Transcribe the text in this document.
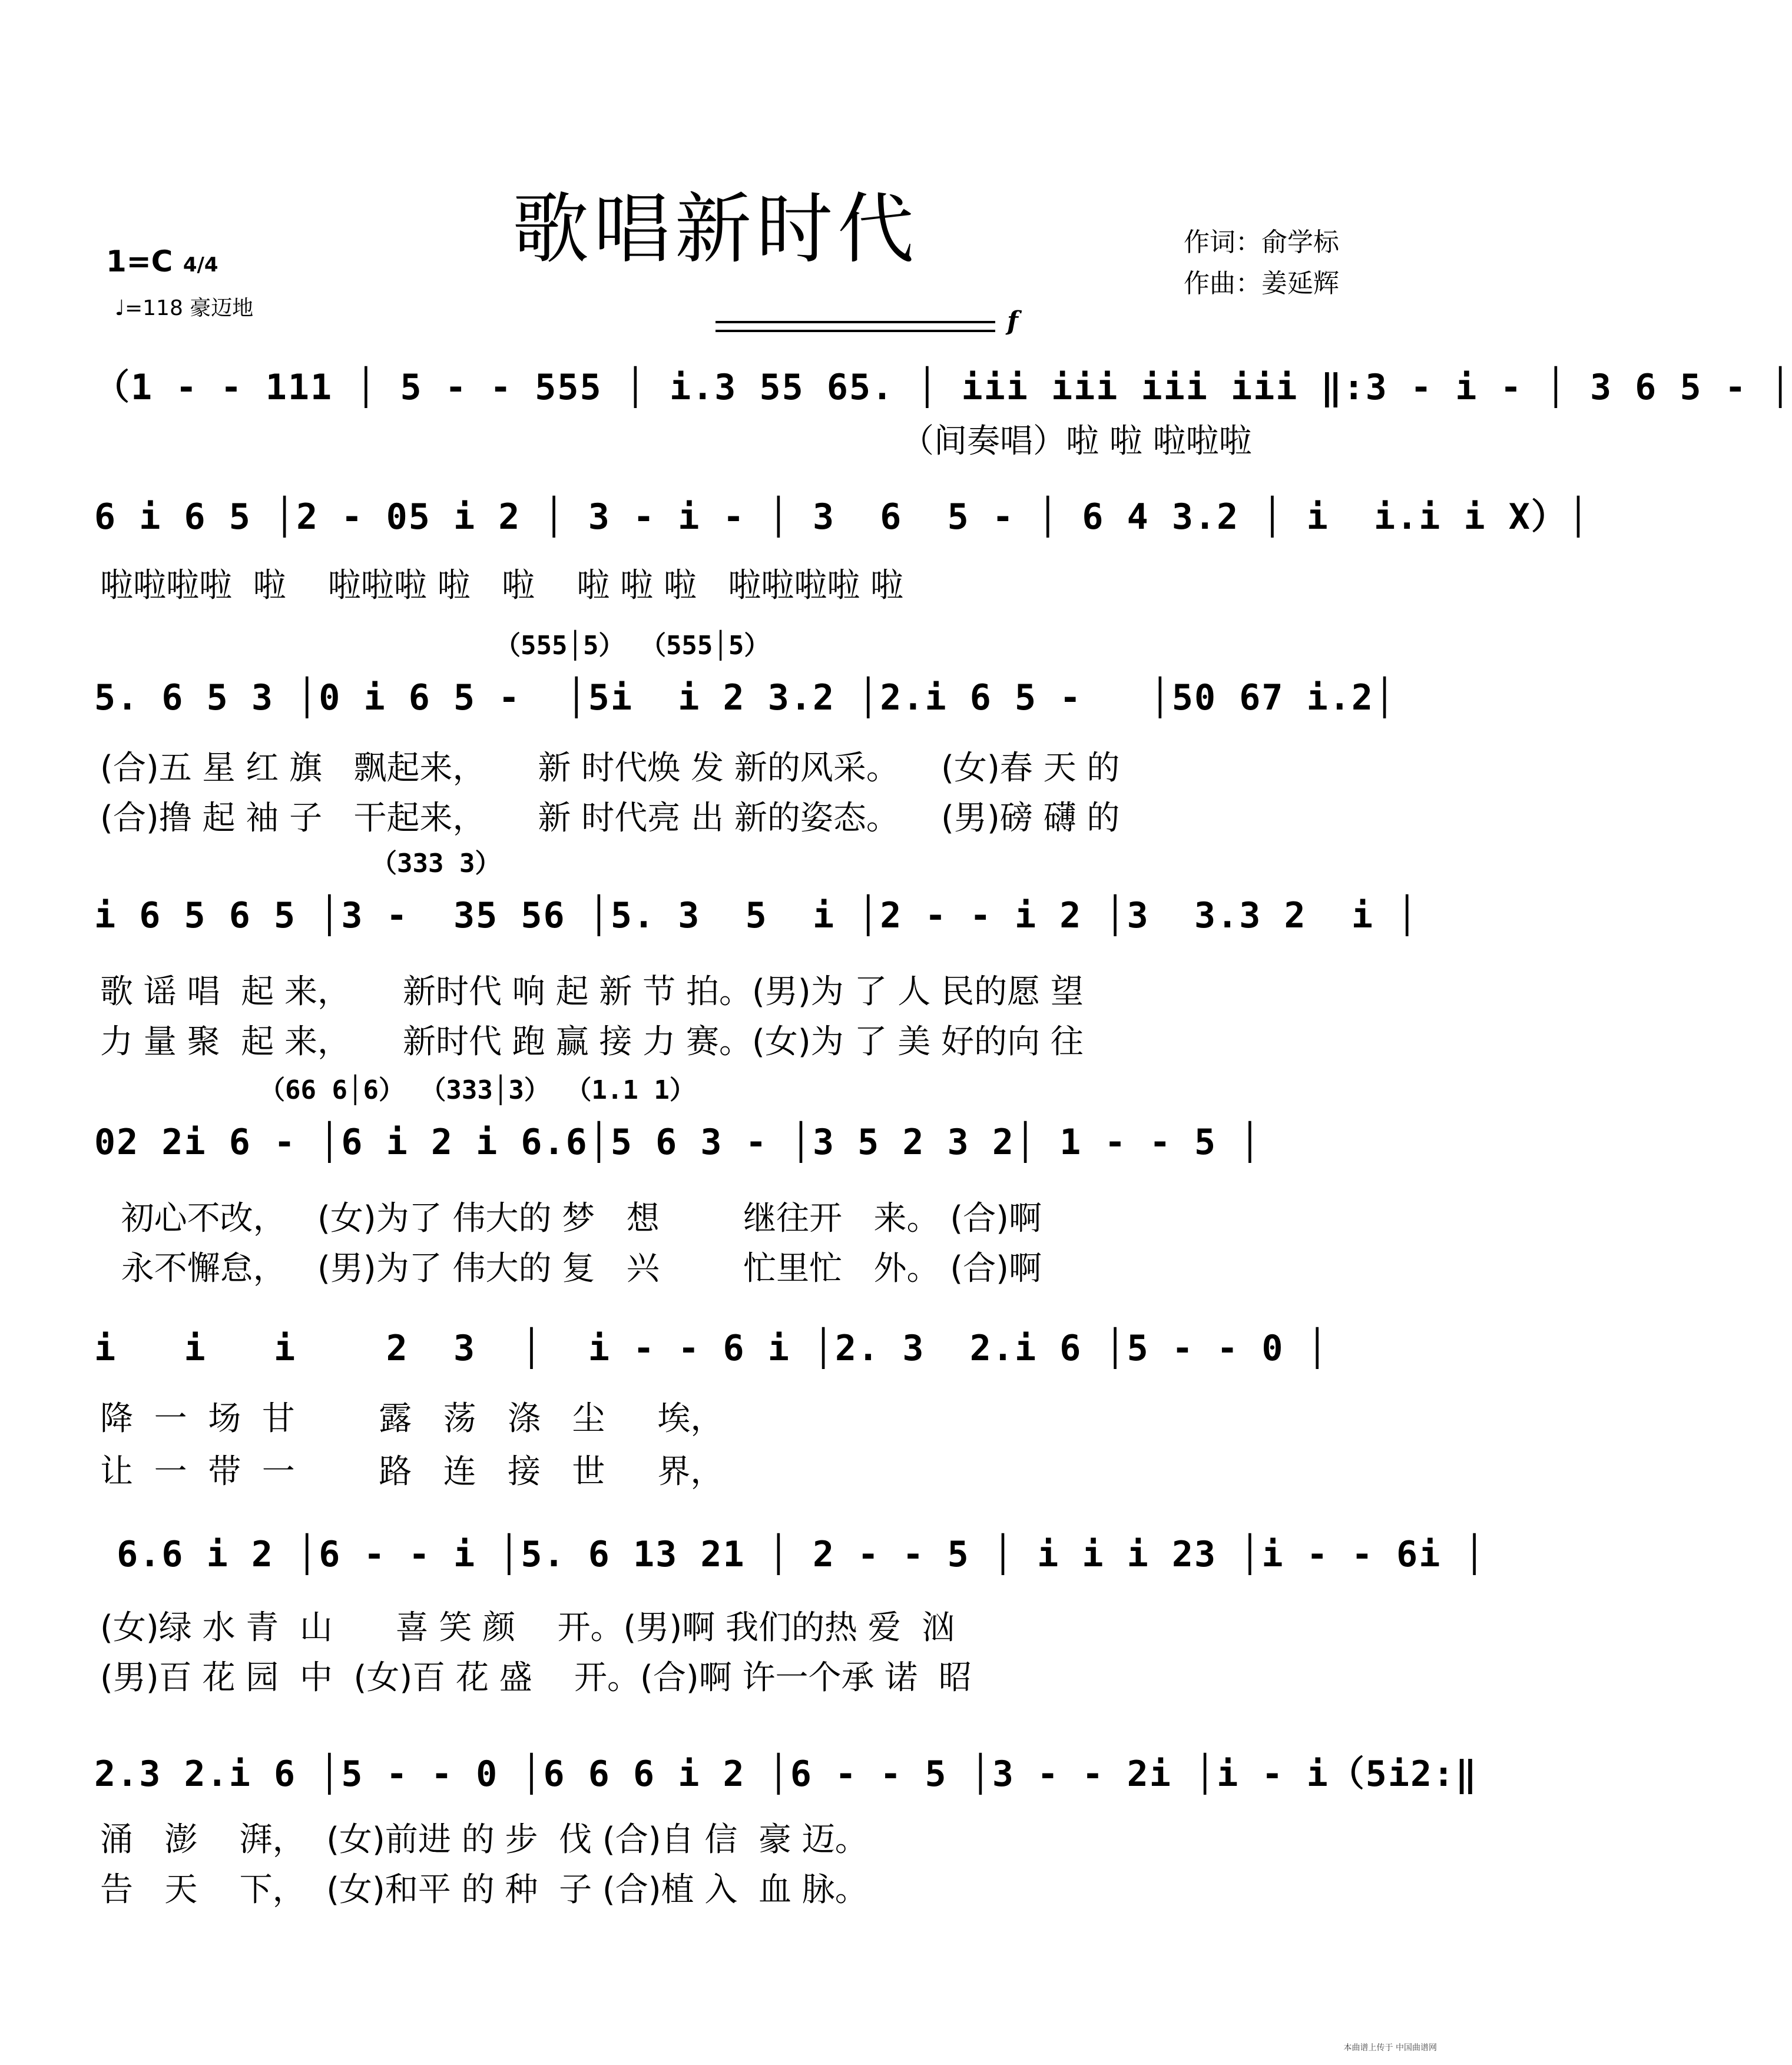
歌唱新时代	作词：俞学标
作曲：姜延辉
1=C 4/4
♩=118 豪迈地	f
（1 - - 111 │ 5 - - 555 │ i.3 55 65. │ iii iii iii iii ‖:3 - i - │ 3 6 5 - │
（间奏唱）啦 啦 啦啦啦
6 i 6 5 │2 - 05 i 2 │ 3 - i - │ 3  6  5 - │ 6 4 3.2 │ i  i.i i X）│
啦啦啦啦  啦    啦啦啦 啦   啦    啦 啦 啦   啦啦啦啦 啦
（555│5） （555│5）
5. 6 5 3 │0 i 6 5 -  │5i  i 2 3.2 │2.i 6 5 -   │50 67 i.2│
(合)五 星 红 旗   飘起来，     新 时代焕 发 新的风采。    (女)春 天 的
(合)撸 起 袖 子   干起来，     新 时代亮 出 新的姿态。    (男)磅 礴 的
（333 3）
i 6 5 6 5 │3 -  35 56 │5. 3  5  i │2 - - i 2 │3  3.3 2  i │
歌 谣 唱  起 来，     新时代 响 起 新 节 拍。(男)为 了 人 民的愿 望
力 量 聚  起 来，     新时代 跑 赢 接 力 赛。(女)为 了 美 好的向 往
（66 6│6） （333│3） （1.1 1）
02 2i 6 - │6 i 2 i 6.6│5 6 3 - │3 5 2 3 2│ 1 - - 5 │
初心不改，   (女)为了 伟大的 梦   想        继往开   来。 (合)啊
永不懈怠，   (男)为了 伟大的 复   兴        忙里忙   外。 (合)啊
i   i   i    2  3  │  i - - 6 i │2. 3  2.i 6 │5 - - 0 │
降  一  场  甘        露   荡   涤   尘     埃，
让  一  带  一        路   连   接   世     界，
6.6 i 2 │6 - - i │5. 6 13 21 │ 2 - - 5 │ i i i 23 │i - - 6i │
(女)绿 水 青  山      喜 笑 颜    开。(男)啊 我们的热 爱  汹
(男)百 花 园  中  (女)百 花 盛    开。(合)啊 许一个承 诺  昭
2.3 2.i 6 │5 - - 0 │6 6 6 i 2 │6 - - 5 │3 - - 2i │i - i（5i2:‖
涌   澎    湃，  (女)前进 的 步  伐 (合)自 信  豪 迈。
告   天    下，  (女)和平 的 种  子 (合)植 入  血 脉。
本曲谱上传于 中国曲谱网
